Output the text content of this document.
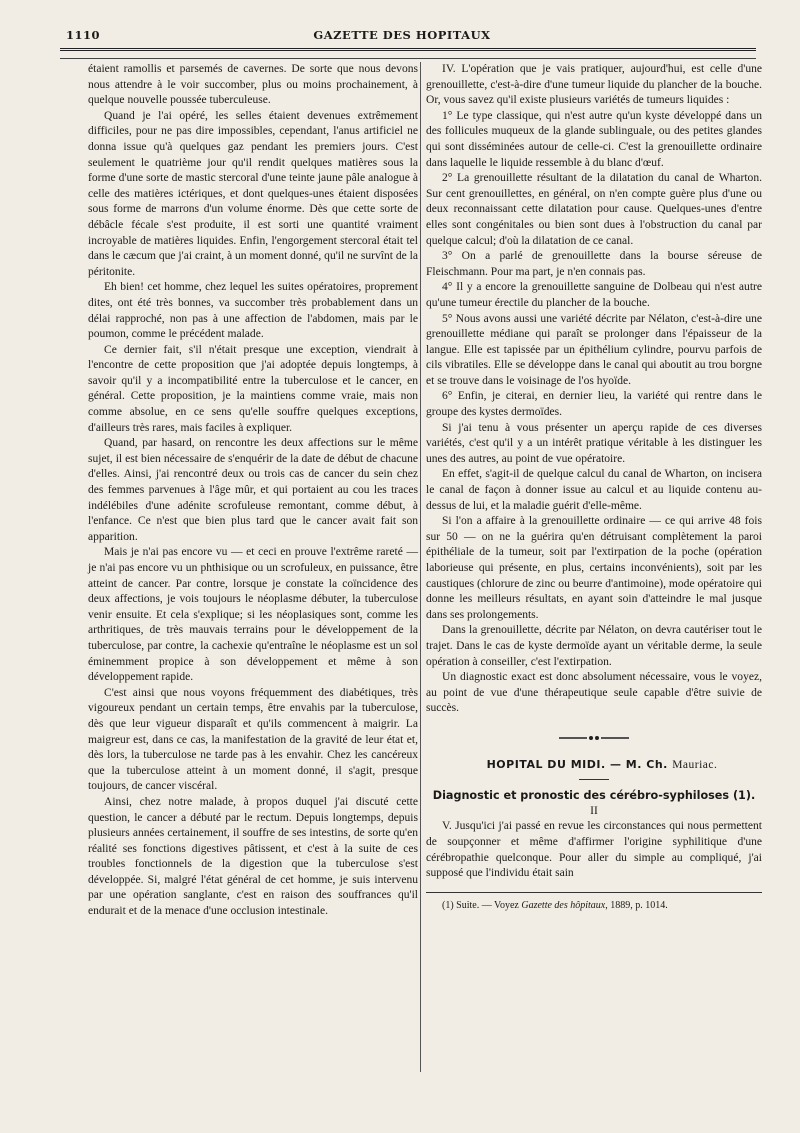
1110	GAZETTE DES HOPITAUX

étaient ramollis et parsemés de cavernes. De sorte que nous devons nous attendre à le voir succomber, plus ou moins prochainement, à quelque nouvelle poussée tuberculeuse.

Quand je l'ai opéré, les selles étaient devenues extrêmement difficiles, pour ne pas dire impossibles, cependant, l'anus artificiel ne donna issue qu'à quelques gaz pendant les premiers jours. C'est seulement le quatrième jour qu'il rendit quelques matières sous la forme d'une sorte de mastic stercoral d'une teinte jaune pâle analogue à celle des matières ictériques, et dont quelques-unes étaient disposées sous forme de marrons d'un volume énorme. Dès que cette sorte de débâcle fécale s'est produite, il est sorti une quantité vraiment incroyable de matières liquides. Enfin, l'engorgement stercoral était tel dans le cæcum que j'ai craint, à un moment donné, qu'il ne survînt de la péritonite.

Eh bien! cet homme, chez lequel les suites opératoires, proprement dites, ont été très bonnes, va succomber très probablement dans un délai rapproché, non pas à une affection de l'abdomen, mais par le poumon, comme le précédent malade.

Ce dernier fait, s'il n'était presque une exception, viendrait à l'encontre de cette proposition que j'ai adoptée depuis longtemps, à savoir qu'il y a incompatibilité entre la tuberculose et le cancer, en général. Cette proposition, je la maintiens comme vraie, mais non comme absolue, en ce sens qu'elle souffre quelques exceptions, d'ailleurs très rares, mais faciles à expliquer.

Quand, par hasard, on rencontre les deux affections sur le même sujet, il est bien nécessaire de s'enquérir de la date de début de chacune d'elles. Ainsi, j'ai rencontré deux ou trois cas de cancer du sein chez des femmes parvenues à l'âge mûr, et qui portaient au cou les traces indélébiles d'une adénite scrofuleuse remontant, comme début, à l'enfance. Ce n'est que bien plus tard que le cancer avait fait son apparition.

Mais je n'ai pas encore vu — et ceci en prouve l'extrême rareté — je n'ai pas encore vu un phthisique ou un scrofuleux, en puissance, être atteint de cancer. Par contre, lorsque je constate la coïncidence des deux affections, je vois toujours le néoplasme débuter, la tuberculose venir ensuite. Et cela s'explique; si les néoplasiques sont, comme les arthritiques, de très mauvais terrains pour le développement de la tuberculose, par contre, la cachexie qu'entraîne le néoplasme est un sol éminemment propice à son développement et même à son développement rapide.

C'est ainsi que nous voyons fréquemment des diabétiques, très vigoureux pendant un certain temps, être envahis par la tuberculose, dès que leur vigueur disparaît et qu'ils commencent à maigrir. La maigreur est, dans ce cas, la manifestation de la gravité de leur état et, dès lors, la tuberculose ne tarde pas à les envahir. Chez les cancéreux que la tuberculose atteint à un moment donné, il s'agit, presque toujours, de cancer viscéral.

Ainsi, chez notre malade, à propos duquel j'ai discuté cette question, le cancer a débuté par le rectum. Depuis longtemps, depuis plusieurs années certainement, il souffre de ses intestins, de sorte qu'en réalité ses fonctions digestives pâtissent, et c'est à la suite de ces troubles fonctionnels de la digestion que la tuberculose s'est développée. Si, malgré l'état général de cet homme, je suis intervenu par une opération sanglante, c'est en raison des souffrances qu'il endurait et de la menace d'une occlusion intestinale.

IV. L'opération que je vais pratiquer, aujourd'hui, est celle d'une grenouillette, c'est-à-dire d'une tumeur liquide du plancher de la bouche. Or, vous savez qu'il existe plusieurs variétés de tumeurs liquides :

1° Le type classique, qui n'est autre qu'un kyste développé dans un des follicules muqueux de la glande sublinguale, ou des petites glandes qui sont disséminées autour de celle-ci. C'est la grenouillette ordinaire dans laquelle le liquide ressemble à du blanc d'œuf.

2° La grenouillette résultant de la dilatation du canal de Wharton. Sur cent grenouillettes, en général, on n'en compte guère plus d'une ou deux reconnaissant cette dilatation pour cause. Quelques-unes d'entre elles sont congénitales ou bien sont dues à l'obstruction du canal par quelque calcul; d'où la dilatation de ce canal.

3° On a parlé de grenouillette dans la bourse séreuse de Fleischmann. Pour ma part, je n'en connais pas.

4° Il y a encore la grenouillette sanguine de Dolbeau qui n'est autre qu'une tumeur érectile du plancher de la bouche.

5° Nous avons aussi une variété décrite par Nélaton, c'est-à-dire une grenouillette médiane qui paraît se prolonger dans l'épaisseur de la langue. Elle est tapissée par un épithélium cylindre, pourvu parfois de cils vibratiles. Elle se développe dans le canal qui aboutit au trou borgne et se trouve dans le voisinage de l'os hyoïde.

6° Enfin, je citerai, en dernier lieu, la variété qui rentre dans le groupe des kystes dermoïdes.

Si j'ai tenu à vous présenter un aperçu rapide de ces diverses variétés, c'est qu'il y a un intérêt pratique véritable à les distinguer les unes des autres, au point de vue opératoire.

En effet, s'agit-il de quelque calcul du canal de Wharton, on incisera le canal de façon à donner issue au calcul et au liquide contenu au-dessus de lui, et la maladie guérit d'elle-même.

Si l'on a affaire à la grenouillette ordinaire — ce qui arrive 48 fois sur 50 — on ne la guérira qu'en détruisant complètement la paroi épithéliale de la tumeur, soit par l'extirpation de la poche (opération laborieuse qui présente, en plus, certains inconvénients), soit par les caustiques (chlorure de zinc ou beurre d'antimoine), mode opératoire qui donne les meilleurs résultats, en ayant soin d'atteindre le mal jusque dans ses prolongements.

Dans la grenouillette, décrite par Nélaton, on devra cautériser tout le trajet. Dans le cas de kyste dermoïde ayant un véritable derme, la seule opération à conseiller, c'est l'extirpation.

Un diagnostic exact est donc absolument nécessaire, vous le voyez, au point de vue d'une thérapeutique seule capable d'être suivie de succès.

HOPITAL DU MIDI. — M. Ch. Mauriac.

Diagnostic et pronostic des cérébro-syphiloses (1).

II

V. Jusqu'ici j'ai passé en revue les circonstances qui nous permettent de soupçonner et même d'affirmer l'origine syphilitique d'une cérébropathie quelconque. Pour aller du simple au compliqué, j'ai supposé que l'individu était sain

(1) Suite. — Voyez Gazette des hôpitaux, 1889, p. 1014.
